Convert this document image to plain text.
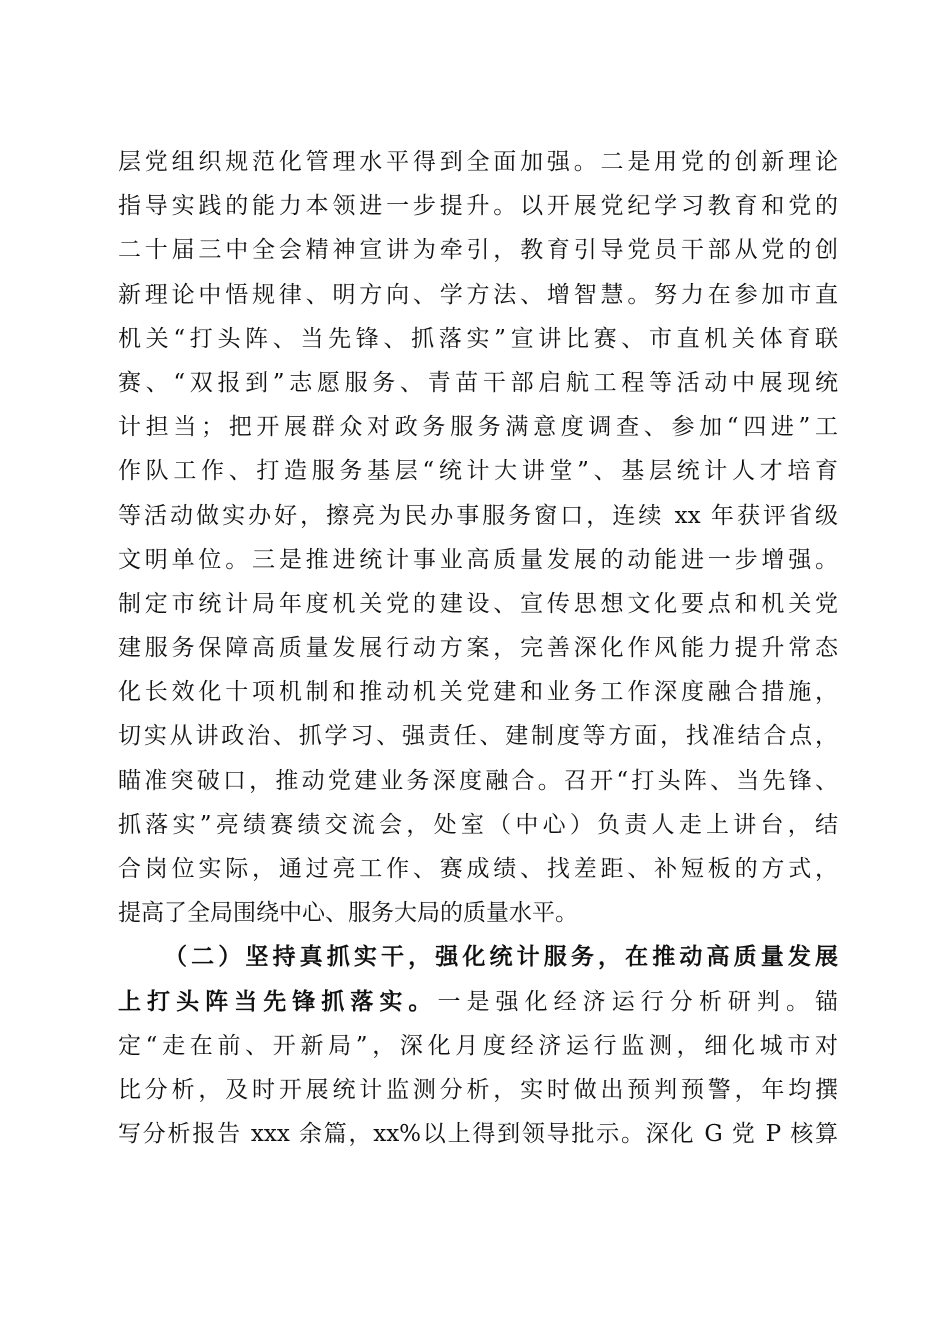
层党组织规范化管理水平得到全面加强。二是用党的创新理论
指导实践的能力本领进一步提升。以开展党纪学习教育和党的
二十届三中全会精神宣讲为牵引，教育引导党员干部从党的创
新理论中悟规律、明方向、学方法、增智慧。努力在参加市直
机关“打头阵、当先锋、抓落实”宣讲比赛、市直机关体育联
赛、“双报到”志愿服务、青苗干部启航工程等活动中展现统
计担当；把开展群众对政务服务满意度调查、参加“四进”工
作队工作、打造服务基层“统计大讲堂”、基层统计人才培育
等活动做实办好，擦亮为民办事服务窗口，连续 xx 年获评省级
文明单位。三是推进统计事业高质量发展的动能进一步增强。
制定市统计局年度机关党的建设、宣传思想文化要点和机关党
建服务保障高质量发展行动方案，完善深化作风能力提升常态
化长效化十项机制和推动机关党建和业务工作深度融合措施，
切实从讲政治、抓学习、强责任、建制度等方面，找准结合点，
瞄准突破口，推动党建业务深度融合。召开“打头阵、当先锋、
抓落实”亮绩赛绩交流会，处室（中心）负责人走上讲台，结
合岗位实际，通过亮工作、赛成绩、找差距、补短板的方式，
提高了全局围绕中心、服务大局的质量水平。
（二）坚持真抓实干，强化统计服务，在推动高质量发展
上打头阵当先锋抓落实。一是强化经济运行分析研判。锚
定“走在前、开新局”，深化月度经济运行监测，细化城市对
比分析，及时开展统计监测分析，实时做出预判预警，年均撰
写分析报告 xxx 余篇，xx%以上得到领导批示。深化 G 党 P 核算
